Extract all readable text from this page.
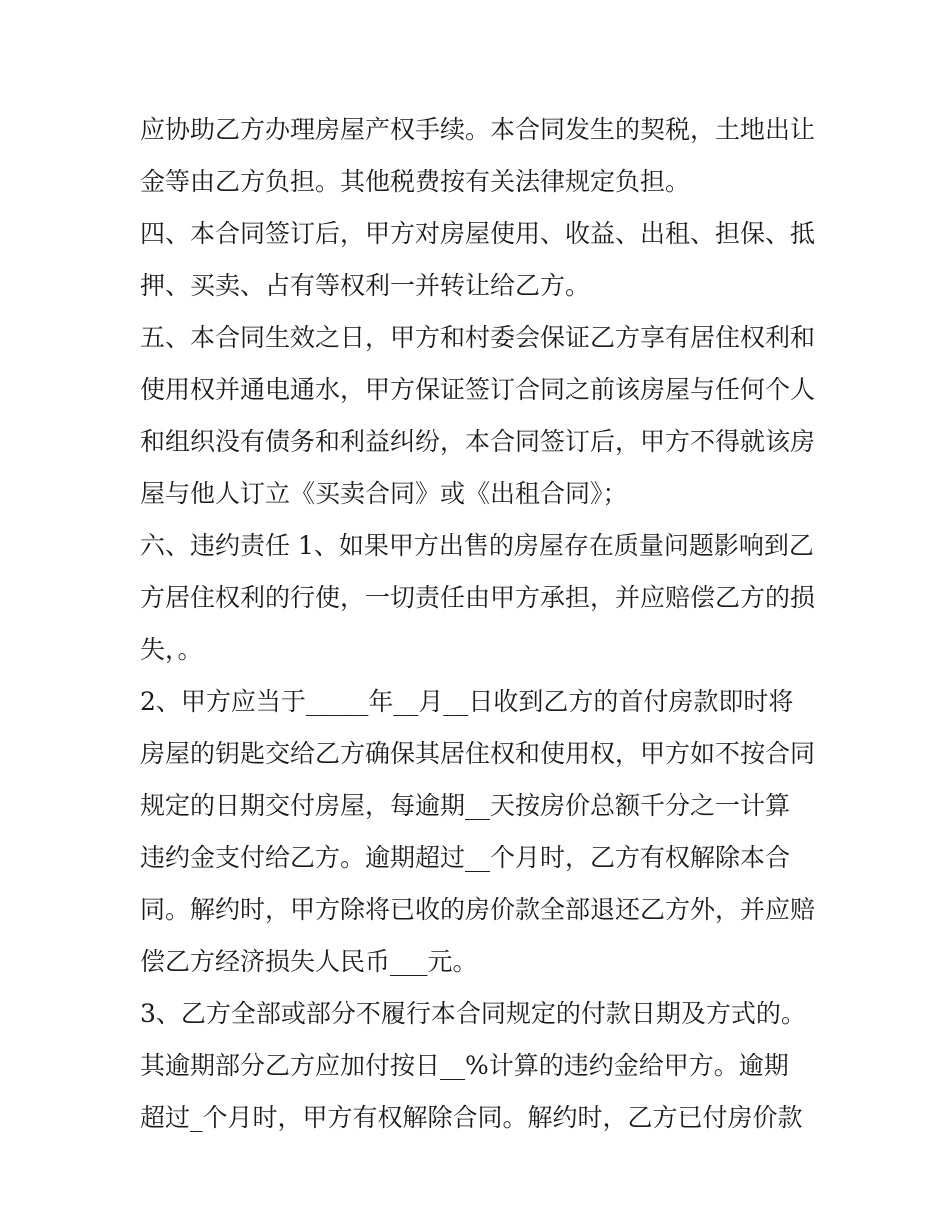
应协助乙方办理房屋产权手续。本合同发生的契税，土地出让
金等由乙方负担。其他税费按有关法律规定负担。
四、本合同签订后，甲方对房屋使用、收益、出租、担保、抵
押、买卖、占有等权利一并转让给乙方。
五、本合同生效之日，甲方和村委会保证乙方享有居住权利和
使用权并通电通水，甲方保证签订合同之前该房屋与任何个人
和组织没有债务和利益纠纷，本合同签订后，甲方不得就该房
屋与他人订立《买卖合同》或《出租合同》；
六、违约责任 1、如果甲方出售的房屋存在质量问题影响到乙
方居住权利的行使，一切责任由甲方承担，并应赔偿乙方的损
失，。
2、甲方应当于_____年__月__日收到乙方的首付房款即时将
房屋的钥匙交给乙方确保其居住权和使用权，甲方如不按合同
规定的日期交付房屋，每逾期__天按房价总额千分之一计算
违约金支付给乙方。逾期超过__个月时，乙方有权解除本合
同。解约时，甲方除将已收的房价款全部退还乙方外，并应赔
偿乙方经济损失人民币___元。
3、乙方全部或部分不履行本合同规定的付款日期及方式的。
其逾期部分乙方应加付按日__%计算的违约金给甲方。逾期
超过_个月时，甲方有权解除合同。解约时，乙方已付房价款
